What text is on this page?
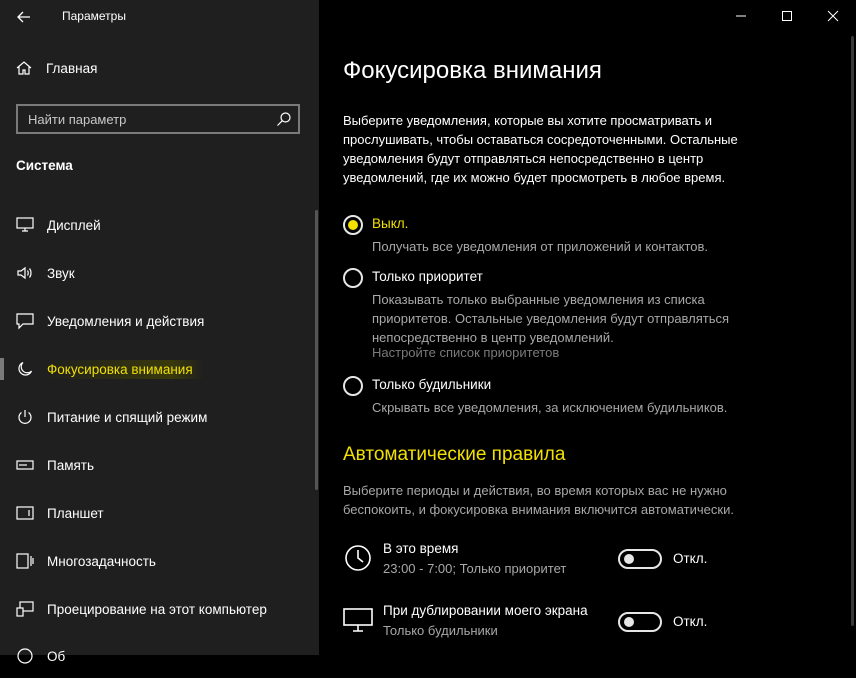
Параметры
Главная
Найти параметр
Система
Дисплей
Звук
Уведомления и действия
Фокусировка внимания
Питание и спящий режим
Память
Планшет
Многозадачность
Проецирование на этот компьютер
Об
Фокусировка внимания
Выберите уведомления, которые вы хотите просматривать и прослушивать, чтобы оставаться сосредоточенными. Остальные уведомления будут отправляться непосредственно в центр уведомлений, где их можно будет просмотреть в любое время.
Выкл.
Получать все уведомления от приложений и контактов.
Только приоритет
Показывать только выбранные уведомления из списка приоритетов. Остальные уведомления будут отправляться непосредственно в центр уведомлений.
Настройте список приоритетов
Только будильники
Скрывать все уведомления, за исключением будильников.
Автоматические правила
Выберите периоды и действия, во время которых вас не нужно беспокоить, и фокусировка внимания включится автоматически.
В это время
23:00 - 7:00; Только приоритет
Откл.
При дублировании моего экрана
Только будильники
Откл.
